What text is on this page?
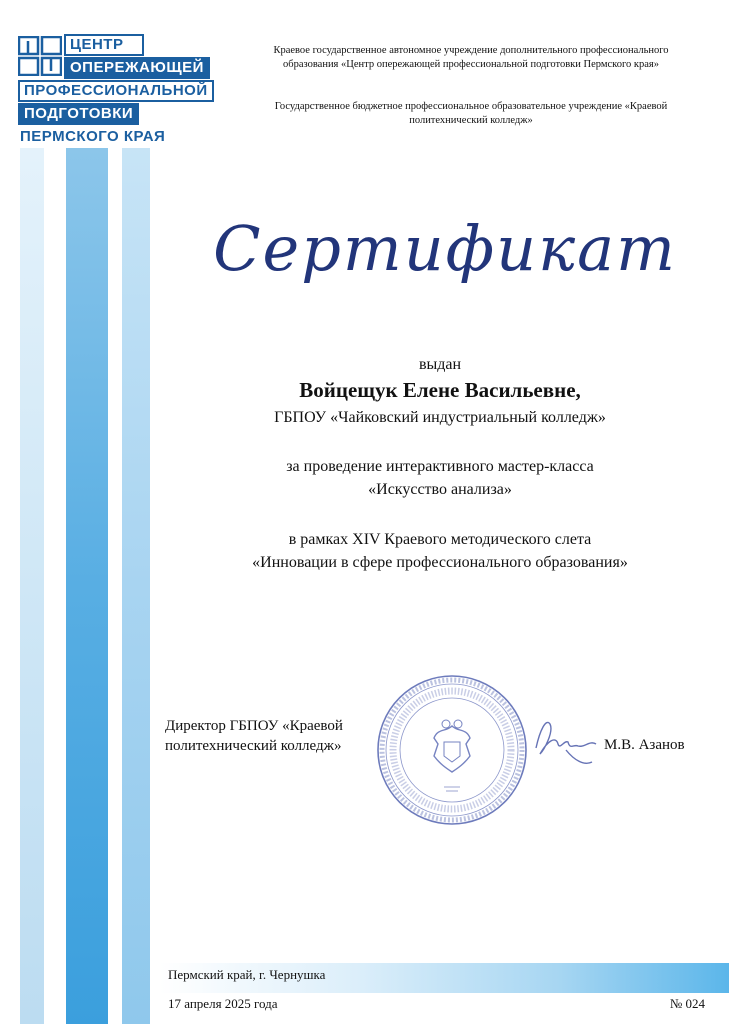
ЦЕНТР
ОПЕРЕЖАЮЩЕЙ
ПРОФЕССИОНАЛЬНОЙ
ПОДГОТОВКИ
ПЕРМСКОГО КРАЯ
Краевое государственное автономное учреждение дополнительного профессионального образования «Центр опережающей профессиональной подготовки Пермского края»
Государственное бюджетное профессиональное образовательное учреждение «Краевой политехнический колледж»
Сертификат
выдан
Войцещук Елене Васильевне,
ГБПОУ «Чайковский индустриальный колледж»
за проведение интерактивного мастер-класса
«Искусство анализа»
в рамках XIV Краевого методического слета
«Инновации в сфере профессионального образования»
Директор ГБПОУ «Краевой
политехнический колледж»	М.В. Азанов
Пермский край, г. Чернушка
17 апреля 2025 года	№ 024
